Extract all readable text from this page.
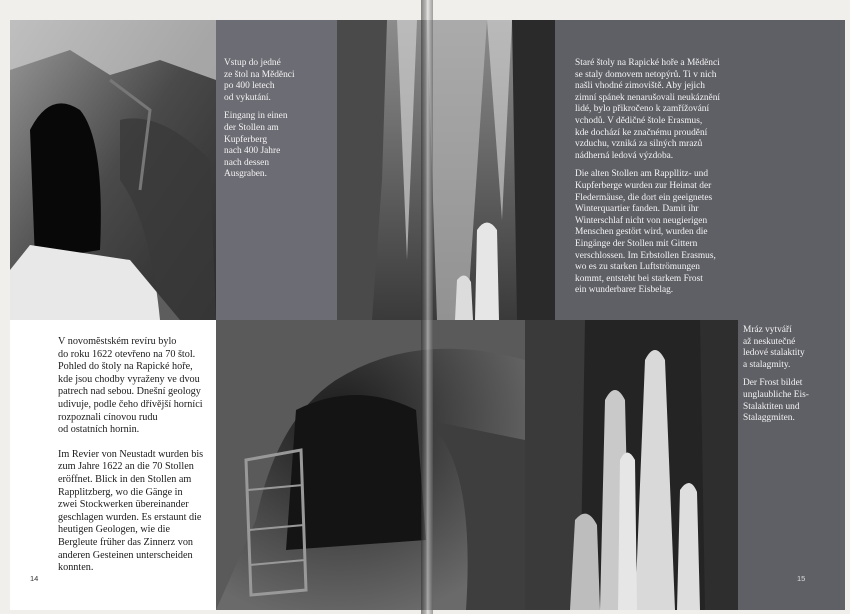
Vstup do jedné
ze štol na Mědĕnci
po 400 letech
od vykutání.

Eingang in einen
der Stollen am
Kupferberg
nach 400 Jahre
nach dessen
Ausgraben.

Staré štoly na Rapické hoře a Mědĕnci
se staly domovem netopýrů. Ti v nich
našli vhodné zimoviště. Aby jejich
zimní spánek nenarušovali neukáznĕní
lidé, bylo přikročeno k zamřížování
vchodů. V dědičné štole Erasmus,
kde dochází ke značnému proudění
vzduchu, vzniká za silných mrazů
nádherná ledová výzdoba.

Die alten Stollen am Rappllitz- und
Kupferberge wurden zur Heimat der
Fledermäuse, die dort ein geeignetes
Winterquartier fanden. Damit ihr
Winterschlaf nicht von neugierigen
Menschen gestört wird, wurden die
Eingänge der Stollen mit Gittern
verschlossen. Im Erbstollen Erasmus,
wo es zu starken Luftströmungen
kommt, entsteht bei starkem Frost
ein wunderbarer Eisbelag.

V novomĕstském revíru bylo
do roku 1622 otevřeno na 70 štol.
Pohled do štoly na Rapické hoře,
kde jsou chodby vyraženy ve dvou
patrech nad sebou. Dnešní geology
udivuje, podle čeho dřívější horníci
rozpoznali cínovou rudu
od ostatních hornin.

Im Revier von Neustadt wurden bis
zum Jahre 1622 an die 70 Stollen
eröffnet. Blick in den Stollen am
Rapplitzberg, wo die Gänge in
zwei Stockwerken übereinander
geschlagen wurden. Es erstaunt die
heutigen Geologen, wie die
Bergleute früher das Zinnerz von
anderen Gesteinen unterscheiden
konnten.

14

Mráz vytváří
až neskutečné
ledové stalaktity
a stalagmity.

Der Frost bildet
unglaubliche Eis-
Stalaktiten und
Stalaggmiten.

15
